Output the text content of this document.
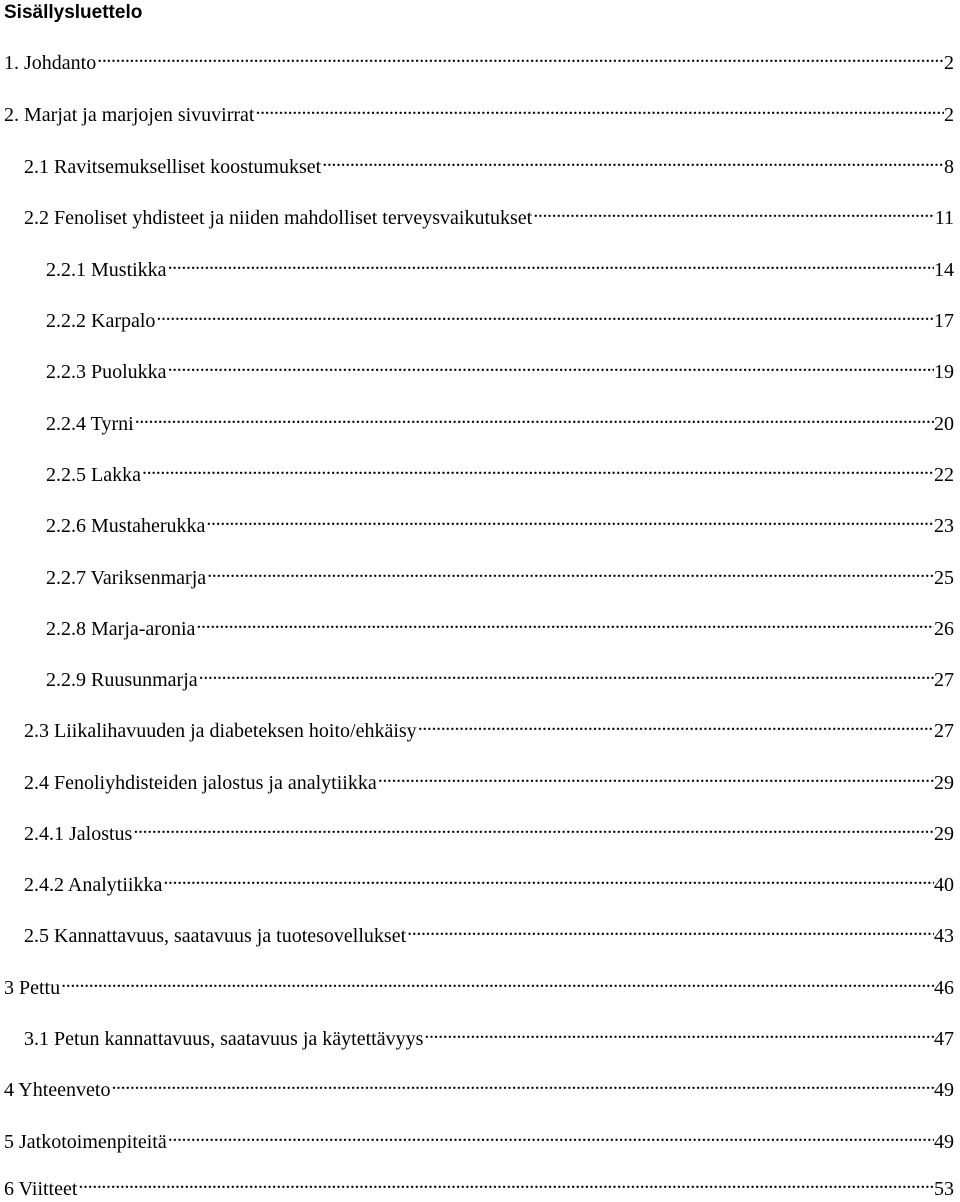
Sisällysluettelo
1. Johdanto . . .	2
2. Marjat ja marjojen sivuvirrat . . .	2
2.1 Ravitsemukselliset koostumukset . . .	8
2.2 Fenoliset yhdisteet ja niiden mahdolliset terveysvaikutukset . . .	11
2.2.1 Mustikka . . .	14
2.2.2 Karpalo . . .	17
2.2.3 Puolukka . . .	19
2.2.4 Tyrni . . .	20
2.2.5 Lakka . . .	22
2.2.6 Mustaherukka . . .	23
2.2.7 Variksenmarja . . .	25
2.2.8 Marja-aronia . . .	26
2.2.9 Ruusunmarja . . .	27
2.3 Liikalihavuuden ja diabeteksen hoito/ehkäisy . . .	27
2.4 Fenoliyhdisteiden jalostus ja analytiikka . . .	29
2.4.1 Jalostus . . .	29
2.4.2 Analytiikka . . .	40
2.5 Kannattavuus, saatavuus ja tuotesovellukset . . .	43
3 Pettu . . .	46
3.1 Petun kannattavuus, saatavuus ja käytettävyys . . .	47
4 Yhteenveto . . .	49
5 Jatkotoimenpiteitä . . .	49
6 Viitteet . . .	53
